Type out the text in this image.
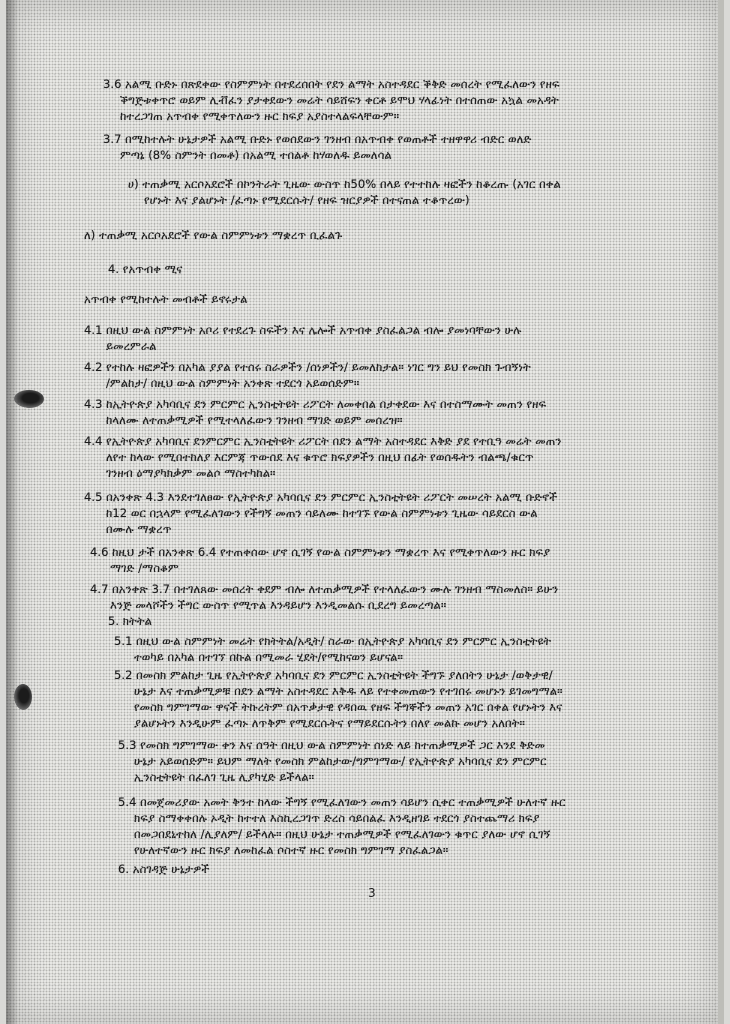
3.6 አልሚ ቡድኑ በጽደቀው የስምምነት በተደረሰበት የደን ልማት አስተዳደር ቕቅድ መሰረት የሚፈለውን የዘፍ
ቕግጅቱቀጥሮ ወይም ሊቭፈን ያታቀደውን መሬት ሳይሸፍን ቀርቶ ይሞህ ሃላፊነት በተሰጠው አኳል መአዳት
ከተረጋገጠ አጥብቀ የሚቀጥለውን ዙር ክፍያ አያስተላልፍላቸውም።
3.7 በሚከተሉት ሁኔታዎች አልሚ ቡድኑ የወሰደውን ገንዘብ በአጥብቀ የወጠቶች ተዘዋዋሪ ብድር ወለድ
ምጣኔ (8% ስምንት በመቶ) በአልሚ ተበልቶ ከሃወለዱ ይመለሳል
ሀ) ተጠቃሚ አርሶአደሮች በኮንትራት ጊዜው ውስጥ ከ50% በላይ የተተከሉ ዛፎችን ከቆረጡ (አገር በቀል
የሆኑት እና ያልሆኑት /ፈጣኑ የሚደርሱት/ የዘፍ ዝርያዎች በተናጠል ተቆጥረው)
ለ) ተጠቃሚ አርሶአደሮች የውል ስምምነቱን ማቋረጥ ቢፈልጉ
4. የአጥብቀ ሚና
አጥብቀ የሚከተሉት መብቶች ይኖሩታል
4.1 በዚህ ውል ስምምነት አቦሪ የተደረጉ ስፍችን እና ሌሎች አጥብቀ ያስፈልጋል ብሎ ያመነባቸውን ሁሉ
ይመረምራል
4.2 የተከሉ ዛፎዎችን በአካል ያያል የተሰሩ ስራዎችን /ሰነዎችን/ ይመለከታል። ነገር ግን ይህ የመስክ ጉብኝነት
/ምልከታ/ በዚህ ውል ስምምነት አንቀጽ ተደርጎ አይወሰድም።
4.3 ከኢትዮጵያ አካባቢና ደን ምርምር ኢንስቲትዩት ሪፖርት ለመቀበል በታቀደው እና በተስማሙት መጠን የዘፍ
ከላለሙ ለተጠቃሚዎች የሚተላለፈውን ገንዘብ ማገድ ወይም መሰረዝ።
4.4 የኢትዮጵያ አካባቢና ደንምርምር ኢንስቲትዩት ሪፖርት በደን ልማት አስተዳደር እቅድ ያደ የተቢዓ መሬት መጠን
ለየተ ከላው የሚበተከለያ እርምጃ ጥውሰደ እና ቁጥሮ ክፍያዎችን በዚህ በፊት የወሰዱትን ብልጫ/ቁርጥ
ገንዘብ ዕማያካክቃም መልሶ ማስተካከል።
4.5 በአንቀጽ 4.3 እንደተገለፀው የኢትዮጵያ አካባቢና ደን ምርምር ኢንስቲትዩት ሪፖርት መሠረት አልሚ ቡድኖች
ከ12 ወር በኋላም የሚፈለገውን የችግኝ መጠን ሳይለሙ ከተገኙ የውል ስምምነቱን ጊዜው ሳይደርስ ውል
በሙሉ ማቋረጥ
4.6 ከዚህ ታች በአንቀጽ 6.4 የተጠቀሰው ሆኖ ሲገኝ የውል ስምምነቱን ማቋረጥ እና የሚቀጥለውን ዙር ክፍያ
ማገድ /ማስቆም
4.7 በአንቀጽ 3.7 በተገለጸው መሰረት ቀደም ብሎ ለተጠቃሚዎች የተላለፈውን ሙሉ ገንዘብ ማስመለስ። ይሁን
እንጅ መላሾችን ችግር ውስጥ የሚጥል እንዳይሆን እንዲመልሱ ቢደረግ ይመረጣል።
5. ክትትል
5.1 በዚህ ውል ስምምነት መሬት የክትትል/አዲት/ ስራው በኢትዮጵያ አካባቢና ደን ምርምር ኢንስቲትዩት
ተወካይ በአካል በተገኘ በኩል በሚመራ ሂደት/የሚከናወን ይሆናል።
5.2 በመስክ ምልከታ ጊዜ የኢትዮጵያ አካባቢና ደን ምርምር ኢንስቲትዩት ችግኙ ያለበትን ሁኔታ /ወቅታዊ/
ሁኔታ እና ተጠቃሚዎቹ በደን ልማት አስተዳደር እቅዱ ላይ የተቀመጠውን የተገበሩ መሆኑን ይገመግማል።
የመስክ ግምገማው ዋናች ትኩረትም በአጥቃታዊ የዳበዉ የዘፍ ችግኞችን መጠን አገር በቀል የሆኑትን እና
ያልሆኑትን እንዲሁም ፈጣኑ ለጥቅም የሚደርሱትና የማይደርሱትን በለየ መልኩ መሆን አለበት።
5.3 የመስክ ግምገማው ቀን እና ሰዓት በዚህ ውል ስምምነት ሰነድ ላይ ከተጠቃሚዎች ጋር እንደ ቅድመ
ሁኔታ አይወሰድም። ይህም ማለት የመስክ ምልከታው/ግምገማው/ የኢትዮጵያ አካባቢና ደን ምርምር
ኢንስቲትዩት በፈለገ ጊዜ ሊያካሂድ ይችላል።
5.4 በመጀመሪያው አመት ቅንተ ከላው ችግኝ የሚፈለገውን መጠን ሳይሆን ሲቀር ተጠቃሚዎች ሁለተኛ ዙር
ክፍያ ስማቀቀበሉ ኦዲት ከተተለ እስኪረጋገጥ ድረስ ሳይበልፈ እንዲዘገይ ተደርጎ ያስተጨማሪ ክፍያ
በመጋበደኒተከለ /ሊያለም/ ይችላሉ። በዚህ ሁኔታ ተጠቃሚዎች የሚፈለገውን ቁጥር ያለው ሆኖ ሲገኝ
የሁለተኛውን ዙር ክፍያ ለመከፈል ሶስተኛ ዙር የመስክ ግምገማ ያስፈልጋል።
6. አስገዳጅ ሁኔታዎች
3
